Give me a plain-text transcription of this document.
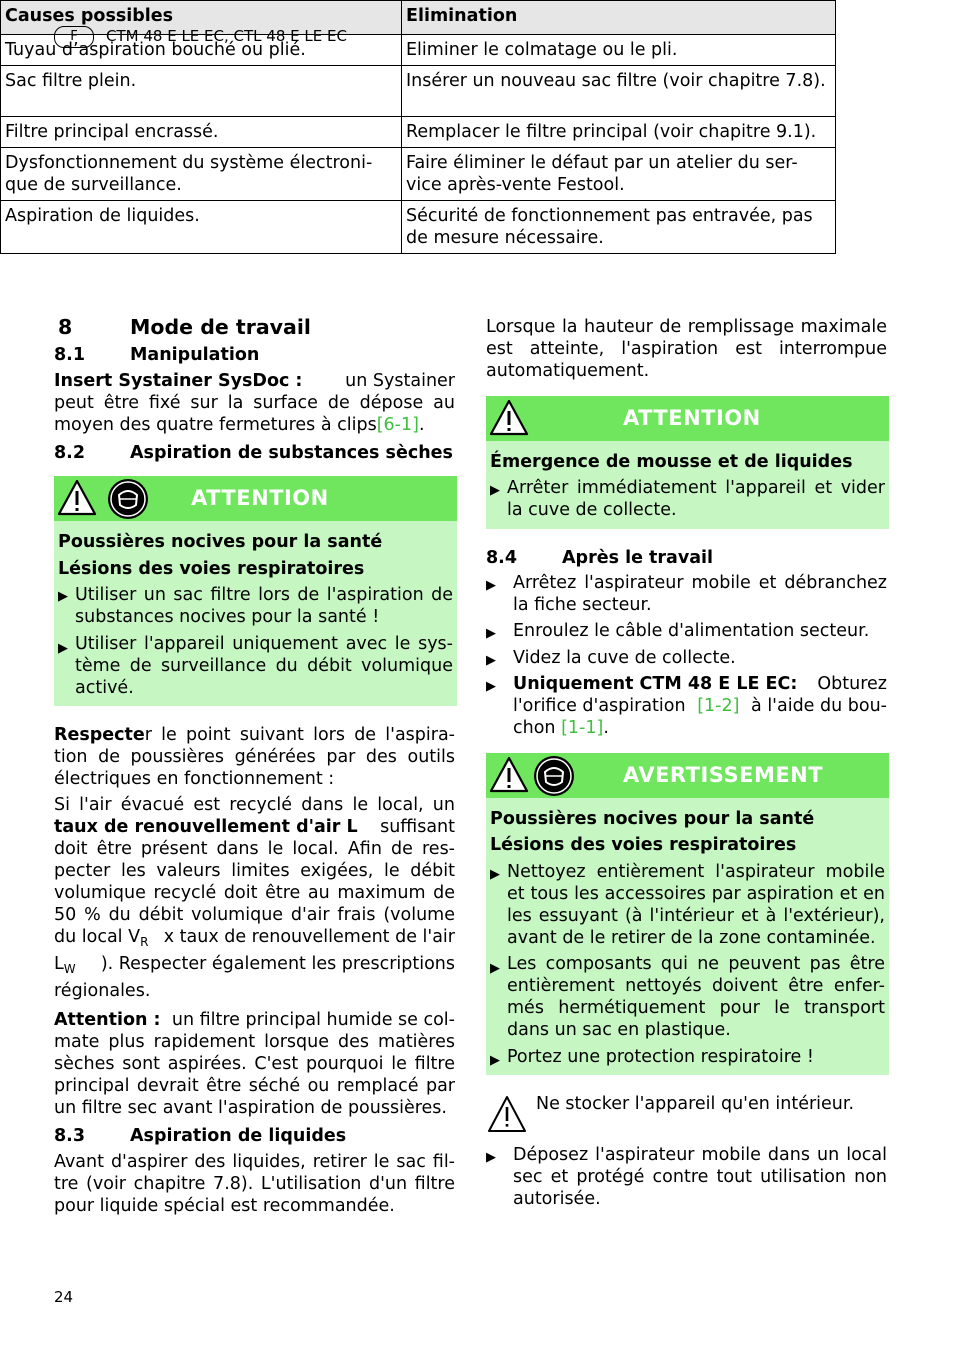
F	CTM 48 E LE EC, CTL 48 E LE EC
Causes possibles	Elimination
Tuyau d’aspiration bouché ou plié.	Eliminer le colmatage ou le pli.
Sac filtre plein.	Insérer un nouveau sac filtre (voir chapitre 7.8).
Filtre principal encrassé.	Remplacer le filtre principal (voir chapitre 9.1).
Dysfonctionnement du système électroni-que de surveillance.	Faire éliminer le défaut par un atelier du ser-vice après-vente Festool.
Aspiration de liquides.	Sécurité de fonctionnement pas entravée, pas de mesure nécessaire.
8	Mode de travail
8.1	Manipulation
Insert Systainer SysDoc : un Systainer
peut être fixé sur la surface de dépose au
moyen des quatre fermetures à clips[6-1].
8.2	Aspiration de substances sèches
ATTENTION
Poussières nocives pour la santé
Lésions des voies respiratoires
▶ Utiliser un sac filtre lors de l'aspiration de
substances nocives pour la santé !
▶ Utiliser l'appareil uniquement avec le sys-
tème de surveillance du débit volumique
activé.
Respecte r le point suivant lors de l'aspira-
tion de poussières générées par des outils
électriques en fonctionnement :
Si l'air évacué est recyclé dans le local, un
taux de renouvellement d'air L suffisant
doit être présent dans le local. Afin de res-
pecter les valeurs limites exigées, le débit
volumique recyclé doit être au maximum de
50 % du débit volumique d'air frais (volume
du local $V_R$ x taux de renouvellement de l'air
$L_W$ ). Respecter également les prescriptions
régionales.
Attention : un filtre principal humide se col-
mate plus rapidement lorsque des matières
sèches sont aspirées. C'est pourquoi le filtre
principal devrait être séché ou remplacé par
un filtre sec avant l'aspiration de poussières.
8.3	Aspiration de liquides
Avant d'aspirer des liquides, retirer le sac fil-
tre (voir chapitre 7.8). L'utilisation d'un filtre
pour liquide spécial est recommandée.
Lorsque la hauteur de remplissage maximale
est atteinte, l'aspiration est interrompue
automatiquement.
ATTENTION
Émergence de mousse et de liquides
▶ Arrêter immédiatement l'appareil et vider
la cuve de collecte.
8.4	Après le travail
▶ Arrêtez l'aspirateur mobile et débranchez
la fiche secteur.
▶ Enroulez le câble d'alimentation secteur.
▶ Videz la cuve de collecte.
▶ Uniquement CTM 48 E LE EC: Obturez
l'orifice d'aspiration [1-2] à l'aide du bou-
chon [1-1].
AVERTISSEMENT
Poussières nocives pour la santé
Lésions des voies respiratoires
▶ Nettoyez entièrement l'aspirateur mobile
et tous les accessoires par aspiration et en
les essuyant (à l'intérieur et à l'extérieur),
avant de le retirer de la zone contaminée.
▶ Les composants qui ne peuvent pas être
entièrement nettoyés doivent être enfer-
més hermétiquement pour le transport
dans un sac en plastique.
▶ Portez une protection respiratoire !
Ne stocker l'appareil qu'en intérieur.
▶ Déposez l'aspirateur mobile dans un local
sec et protégé contre tout utilisation non
autorisée.
24
